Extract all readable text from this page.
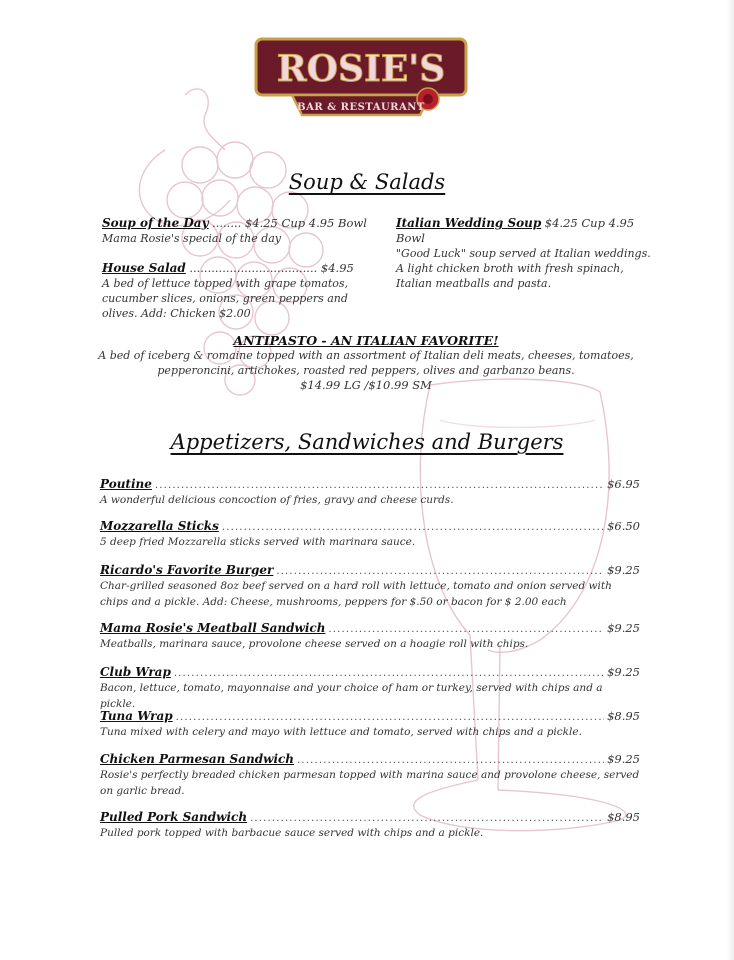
ROSIE'S
BAR & RESTAURANT
Soup & Salads
Soup of the Day ........ $4.25 Cup 4.95 Bowl
Mama Rosie's special of the day
House Salad ................................... $4.95
A bed of lettuce topped with grape tomatos, cucumber slices, onions, green peppers and olives. Add: Chicken $2.00
Italian Wedding Soup $4.25 Cup 4.95 Bowl
"Good Luck" soup served at Italian weddings. A light chicken broth with fresh spinach, Italian meatballs and pasta.
ANTIPASTO - AN ITALIAN FAVORITE!
A bed of iceberg & romaine topped with an assortment of Italian deli meats, cheeses, tomatoes, pepperoncini, artichokes, roasted red peppers, olives and garbanzo beans.
$14.99 LG /$10.99 SM
Appetizers, Sandwiches and Burgers
Poutine . . .	$6.95
A wonderful delicious concoction of fries, gravy and cheese curds.
Mozzarella Sticks . . .	$6.50
5 deep fried Mozzarella sticks served with marinara sauce.
Ricardo's Favorite Burger . . .	$9.25
Char-grilled seasoned 8oz beef served on a hard roll with lettuce, tomato and onion served with chips and a pickle. Add: Cheese, mushrooms, peppers for $.50 or bacon for $ 2.00 each
Mama Rosie's Meatball Sandwich . . .	$9.25
Meatballs, marinara sauce, provolone cheese served on a hoagie roll with chips.
Club Wrap . . .	$9.25
Bacon, lettuce, tomato, mayonnaise and your choice of ham or turkey, served with chips and a pickle.
Tuna Wrap . . .	$8.95
Tuna mixed with celery and mayo with lettuce and tomato, served with chips and a pickle.
Chicken Parmesan Sandwich . . .	$9.25
Rosie's perfectly breaded chicken parmesan topped with marina sauce and provolone cheese, served on garlic bread.
Pulled Pork Sandwich . . .	$8.95
Pulled pork topped with barbacue sauce served with chips and a pickle.
